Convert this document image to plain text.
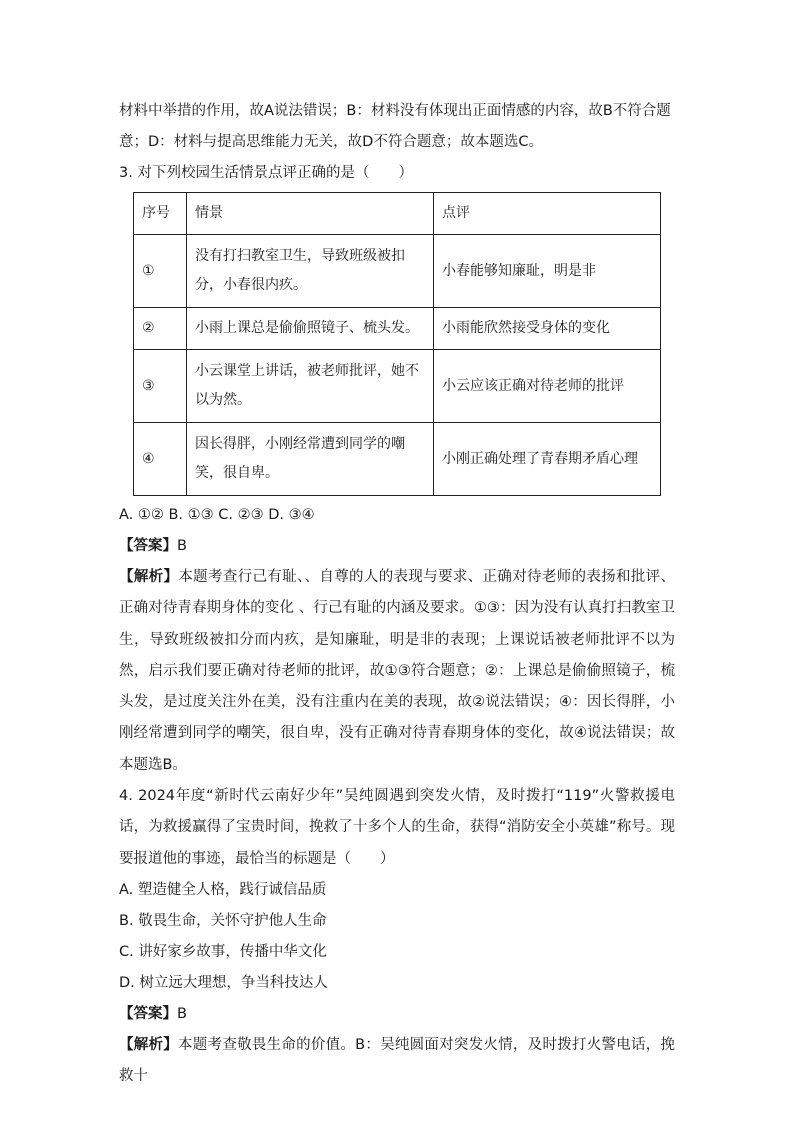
材料中举措的作用，故A说法错误；B：材料没有体现出正面情感的内容，故B不符合题

意；D：材料与提高思维能力无关，故D不符合题意；故本题选C。

3. 对下列校园生活情景点评正确的是（　　）

序号	情景	点评
①	没有打扫教室卫生，导致班级被扣分，小春很内疚。	小春能够知廉耻，明是非
②	小雨上课总是偷偷照镜子、梳头发。	小雨能欣然接受身体的变化
③	小云课堂上讲话，被老师批评，她不以为然。	小云应该正确对待老师的批评
④	因长得胖，小刚经常遭到同学的嘲笑，很自卑。	小刚正确处理了青春期矛盾心理

A. ①② B. ①③ C. ②③ D. ③④

【答案】B

【解析】本题考查行己有耻、、自尊的人的表现与要求、正确对待老师的表扬和批评、正确对待青春期身体的变化 、行己有耻的内涵及要求。①③：因为没有认真打扫教室卫生，导致班级被扣分而内疚，是知廉耻，明是非的表现；上课说话被老师批评不以为然，启示我们要正确对待老师的批评，故①③符合题意；②：上课总是偷偷照镜子，梳头发，是过度关注外在美，没有注重内在美的表现，故②说法错误；④：因长得胖，小刚经常遭到同学的嘲笑，很自卑，没有正确对待青春期身体的变化，故④说法错误；故本题选B。

4. 2024年度“新时代云南好少年”吴纯圆遇到突发火情，及时拨打“119”火警救援电话，为救援赢得了宝贵时间，挽救了十多个人的生命，获得“消防安全小英雄”称号。现要报道他的事迹，最恰当的标题是（　　）

A. 塑造健全人格，践行诚信品质

B. 敬畏生命，关怀守护他人生命

C. 讲好家乡故事，传播中华文化

D. 树立远大理想，争当科技达人

【答案】B

【解析】本题考查敬畏生命的价值。B：吴纯圆面对突发火情，及时拨打火警电话，挽救十
